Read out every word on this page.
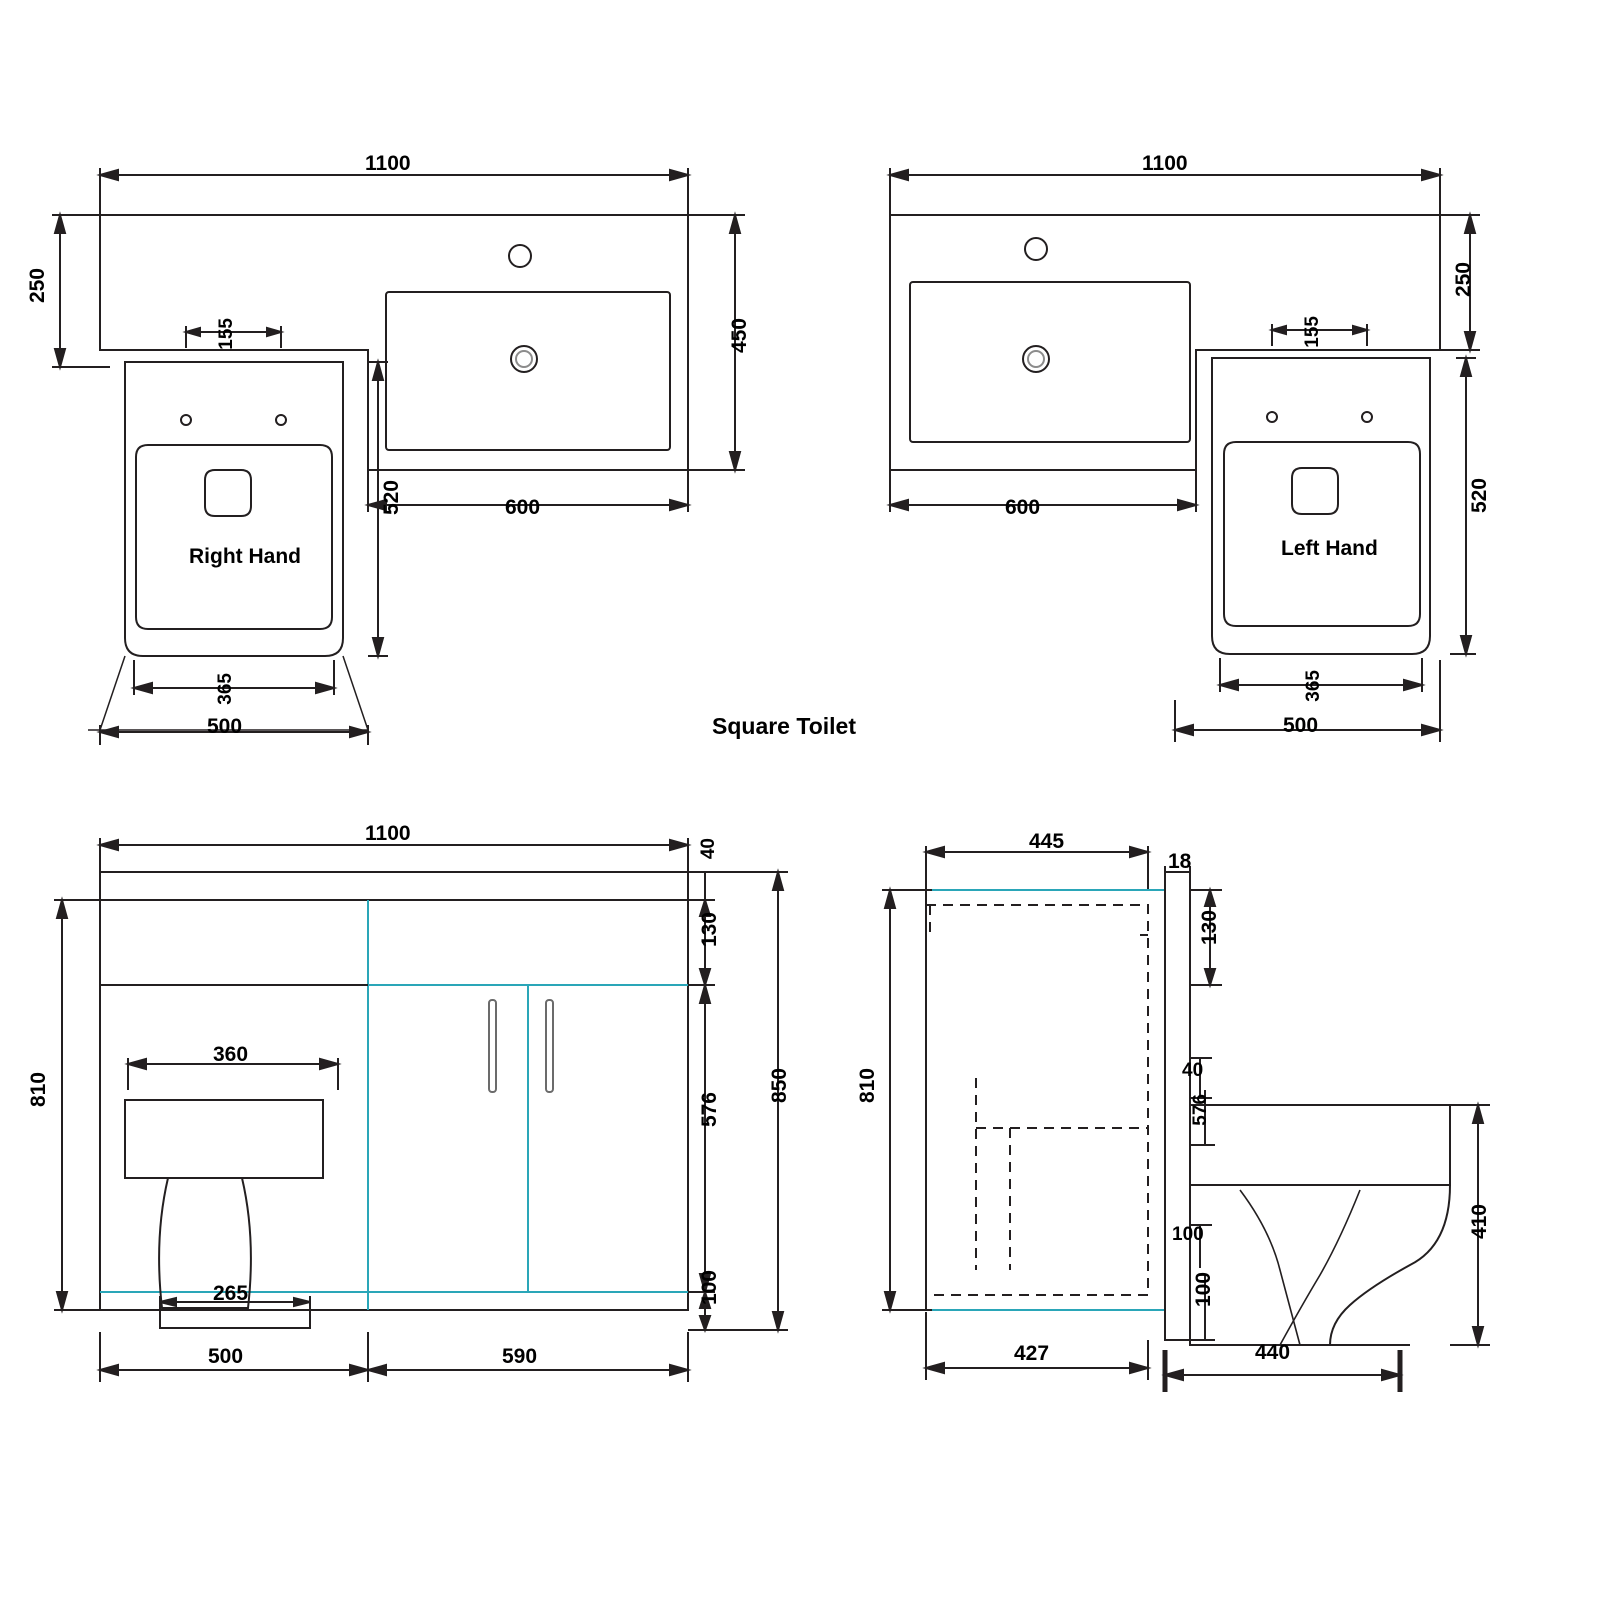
1100
250
450
600
155
520
365
500
Right Hand
1100
250
600
155
520
365
500
Left Hand
Square Toilet
1100
810
40
130
576
100
850
360
265
500	590
445
18
130
40
576
100
100
810
427	440
410
